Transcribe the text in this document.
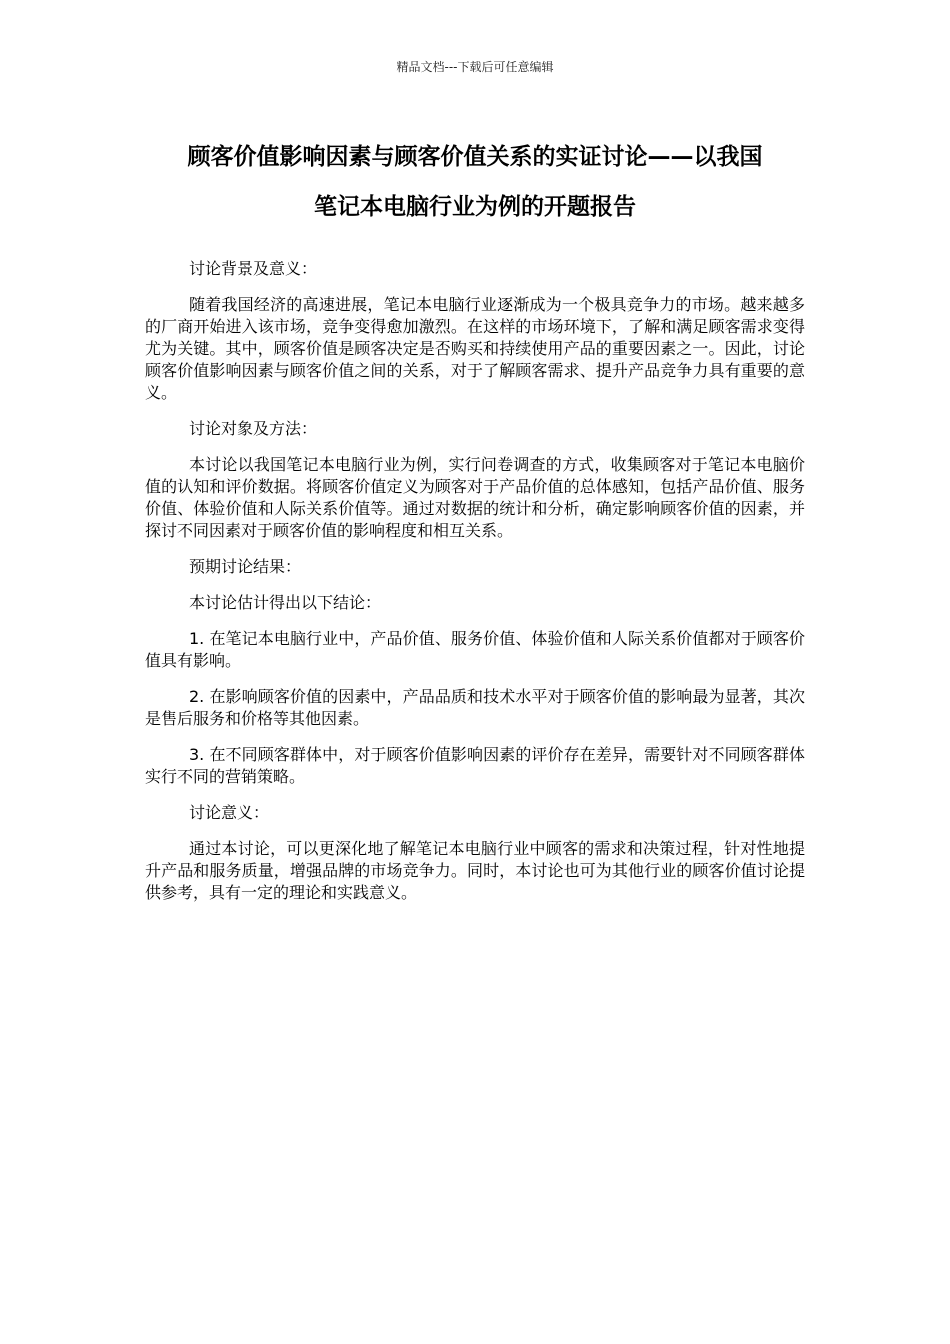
精品文档---下载后可任意编辑
顾客价值影响因素与顾客价值关系的实证讨论——以我国
笔记本电脑行业为例的开题报告

讨论背景及意义：

随着我国经济的高速进展，笔记本电脑行业逐渐成为一个极具竞争力的市场。越来越多的厂商开始进入该市场，竞争变得愈加激烈。在这样的市场环境下，了解和满足顾客需求变得尤为关键。其中，顾客价值是顾客决定是否购买和持续使用产品的重要因素之一。因此，讨论顾客价值影响因素与顾客价值之间的关系，对于了解顾客需求、提升产品竞争力具有重要的意义。

讨论对象及方法：

本讨论以我国笔记本电脑行业为例，实行问卷调查的方式，收集顾客对于笔记本电脑价值的认知和评价数据。将顾客价值定义为顾客对于产品价值的总体感知，包括产品价值、服务价值、体验价值和人际关系价值等。通过对数据的统计和分析，确定影响顾客价值的因素，并探讨不同因素对于顾客价值的影响程度和相互关系。

预期讨论结果：

本讨论估计得出以下结论：

1. 在笔记本电脑行业中，产品价值、服务价值、体验价值和人际关系价值都对于顾客价值具有影响。

2. 在影响顾客价值的因素中，产品品质和技术水平对于顾客价值的影响最为显著，其次是售后服务和价格等其他因素。

3. 在不同顾客群体中，对于顾客价值影响因素的评价存在差异，需要针对不同顾客群体实行不同的营销策略。

讨论意义：

通过本讨论，可以更深化地了解笔记本电脑行业中顾客的需求和决策过程，针对性地提升产品和服务质量，增强品牌的市场竞争力。同时，本讨论也可为其他行业的顾客价值讨论提供参考，具有一定的理论和实践意义。
